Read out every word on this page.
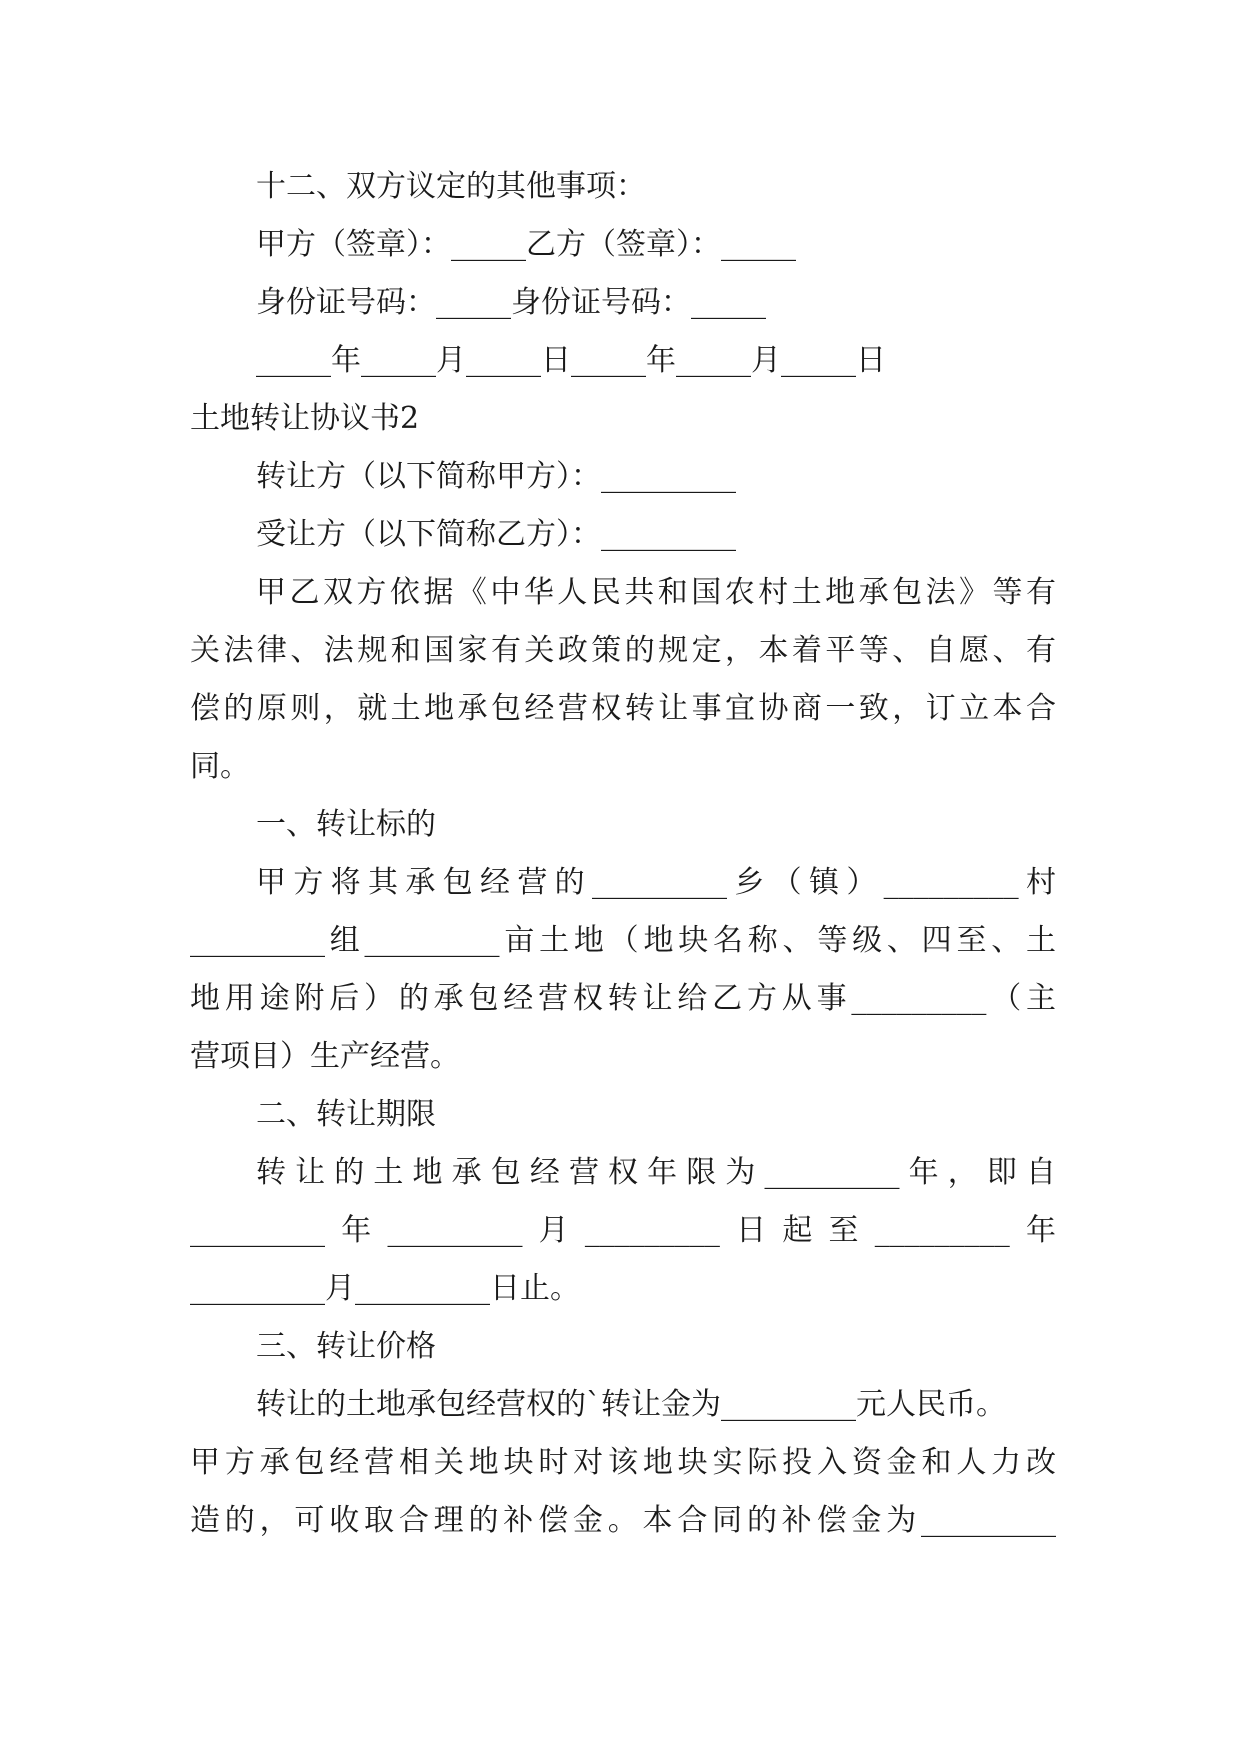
十二、双方议定的其他事项：
甲方（签章）：_____乙方（签章）：_____
身份证号码：_____身份证号码：_____
_____年_____月_____日_____年_____月_____日
土地转让协议书2
转让方（以下简称甲方）：_________
受让方（以下简称乙方）：_________
甲乙双方依据《中华人民共和国农村土地承包法》等有
关法律、法规和国家有关政策的规定，本着平等、自愿、有
偿的原则，就土地承包经营权转让事宜协商一致，订立本合
同。
一、转让标的
甲方将其承包经营的_________乡（镇）_________村
_________组_________亩土地（地块名称、等级、四至、土
地用途附后）的承包经营权转让给乙方从事_________（主
营项目）生产经营。
二、转让期限
转让的土地承包经营权年限为_________年，即自
_________年_________月_________日起至_________年
_________月_________日止。
三、转让价格
转让的土地承包经营权的`转让金为_________元人民币。
甲方承包经营相关地块时对该地块实际投入资金和人力改
造的，可收取合理的补偿金。本合同的补偿金为_________
